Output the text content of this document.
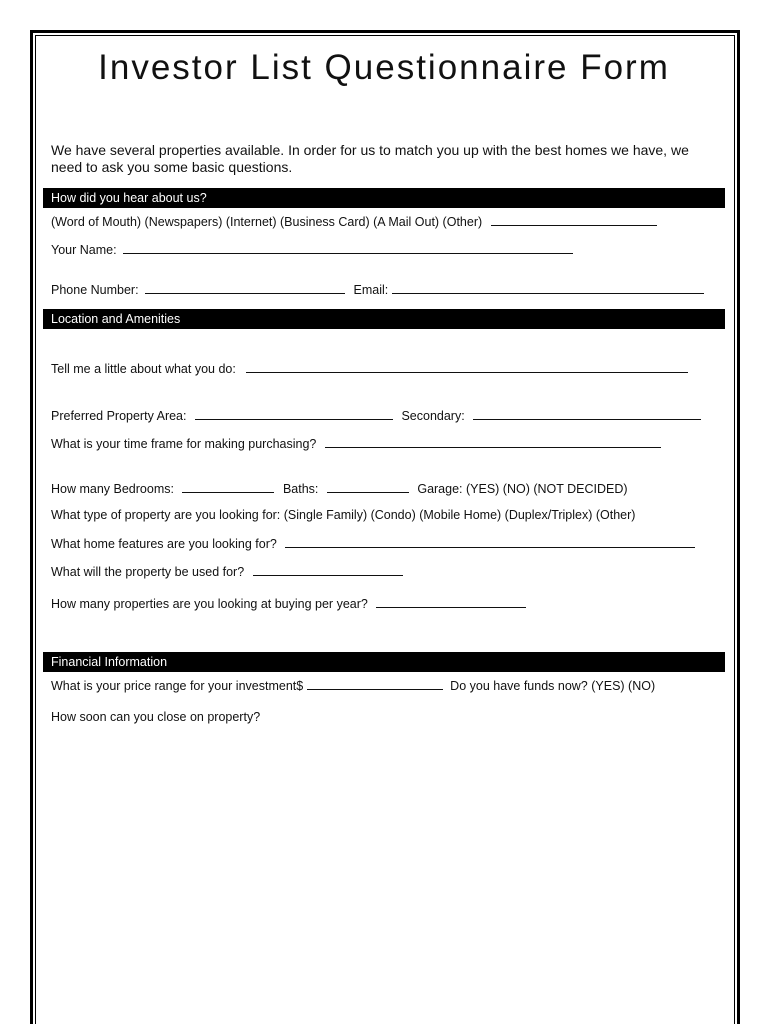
Investor List Questionnaire Form
We have several properties available. In order for us to match you up with the best homes we have, we need to ask you some basic questions.
How did you hear about us?
(Word of Mouth) (Newspapers) (Internet) (Business Card) (A Mail Out) (Other)
Your Name:
Phone Number:	Email:
Location and Amenities
Tell me a little about what you do:
Preferred Property Area:	Secondary:
What is your time frame for making purchasing?
How many Bedrooms:	Baths:	Garage: (YES) (NO) (NOT DECIDED)
What type of property are you looking for: (Single Family) (Condo) (Mobile Home) (Duplex/Triplex) (Other)
What home features are you looking for?
What will the property be used for?
How many properties are you looking at buying per year?
Financial Information
What is your price range for your investment$	Do you have funds now? (YES) (NO)
How soon can you close on property?
